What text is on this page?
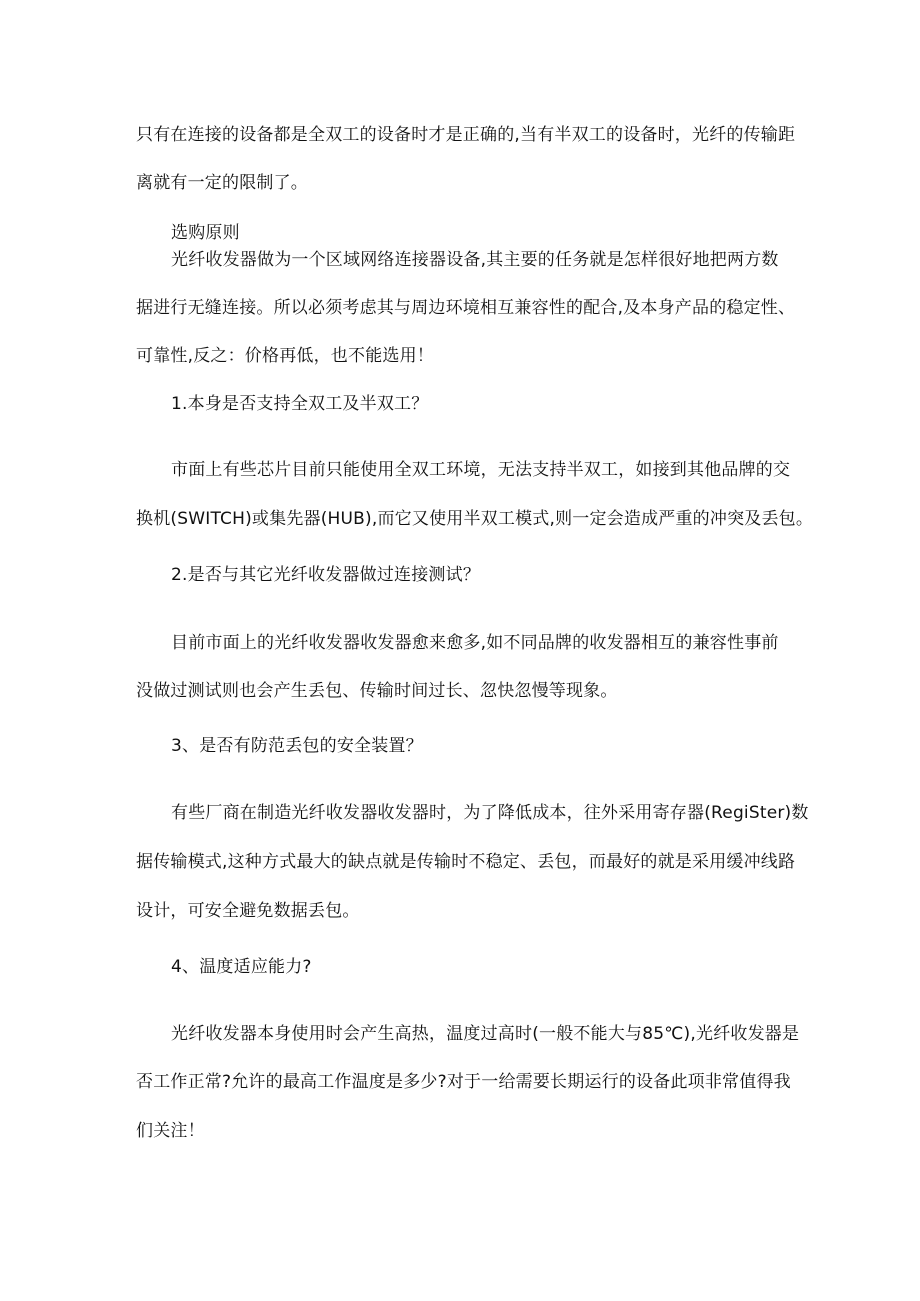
只有在连接的设备都是全双工的设备时才是正确的,当有半双工的设备时，光纤的传输距
离就有一定的限制了。
选购原则
光纤收发器做为一个区域网络连接器设备,其主要的任务就是怎样很好地把两方数
据进行无缝连接。所以必须考虑其与周边环境相互兼容性的配合,及本身产品的稳定性、
可靠性,反之：价格再低，也不能选用！
1.本身是否支持全双工及半双工？
市面上有些芯片目前只能使用全双工环境，无法支持半双工，如接到其他品牌的交
换机(SWITCH)或集先器(HUB),而它又使用半双工模式,则一定会造成严重的冲突及丢包。
2.是否与其它光纤收发器做过连接测试？
目前市面上的光纤收发器收发器愈来愈多,如不同品牌的收发器相互的兼容性事前
没做过测试则也会产生丢包、传输时间过长、忽快忽慢等现象。
3、是否有防范丢包的安全装置？
有些厂商在制造光纤收发器收发器时，为了降低成本，往外采用寄存器(RegiSter)数
据传输模式,这种方式最大的缺点就是传输时不稳定、丢包，而最好的就是采用缓冲线路
设计，可安全避免数据丢包。
4、温度适应能力?
光纤收发器本身使用时会产生高热，温度过高时(一般不能大与85℃),光纤收发器是
否工作正常?允许的最高工作温度是多少?对于一给需要长期运行的设备此项非常值得我
们关注！
